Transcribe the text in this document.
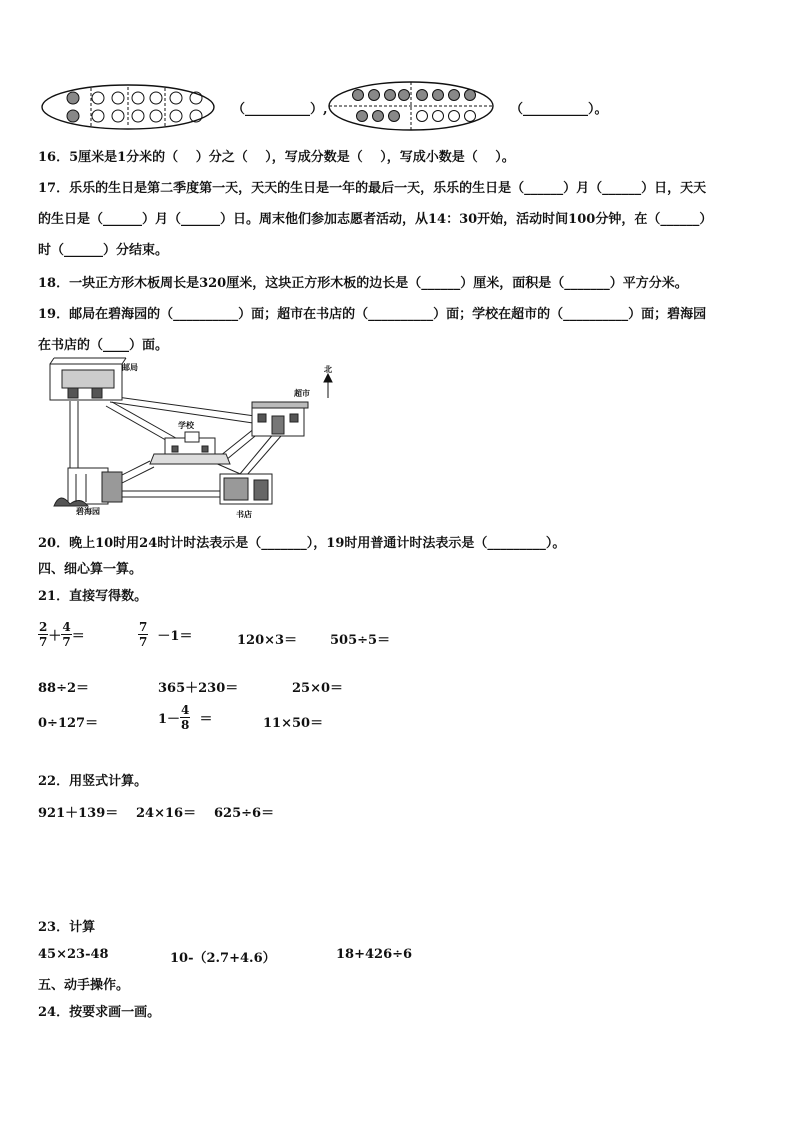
（__________）,	（__________）。
16．5厘米是1分米的（　 ）分之（　 ），写成分数是（　 ），写成小数是（　 ）。
17．乐乐的生日是第二季度第一天，天天的生日是一年的最后一天，乐乐的生日是（______）月（______）日，天天
的生日是（______）月（______）日。周末他们参加志愿者活动，从14：30开始，活动时间100分钟，在（______）
时（______）分结束。
18．一块正方形木板周长是320厘米，这块正方形木板的边长是（______）厘米，面积是（_______）平方分米。
19．邮局在碧海园的（__________）面；超市在书店的（__________）面；学校在超市的（__________）面；碧海园
在书店的（____）面。
北
邮局
超市
学校
碧海园	书店
20．晚上10时用24时计时法表示是（_______），19时用普通计时法表示是（_________）。
四、细心算一算。
21．直接写得数。
$\frac{2}{7} + \frac{4}{7}$ ＝	$\frac{7}{7} -1=$	120×3＝	505÷5＝
88÷2＝	365＋230＝	25×0＝
0÷127＝	$1- \frac{4}{8}$ ＝	11×50＝
22．用竖式计算。
921＋139＝ 24×16＝ 625÷6＝
23．计算
45×23-48	10-（2.7+4.6）	18+426÷6
五、动手操作。
24．按要求画一画。
